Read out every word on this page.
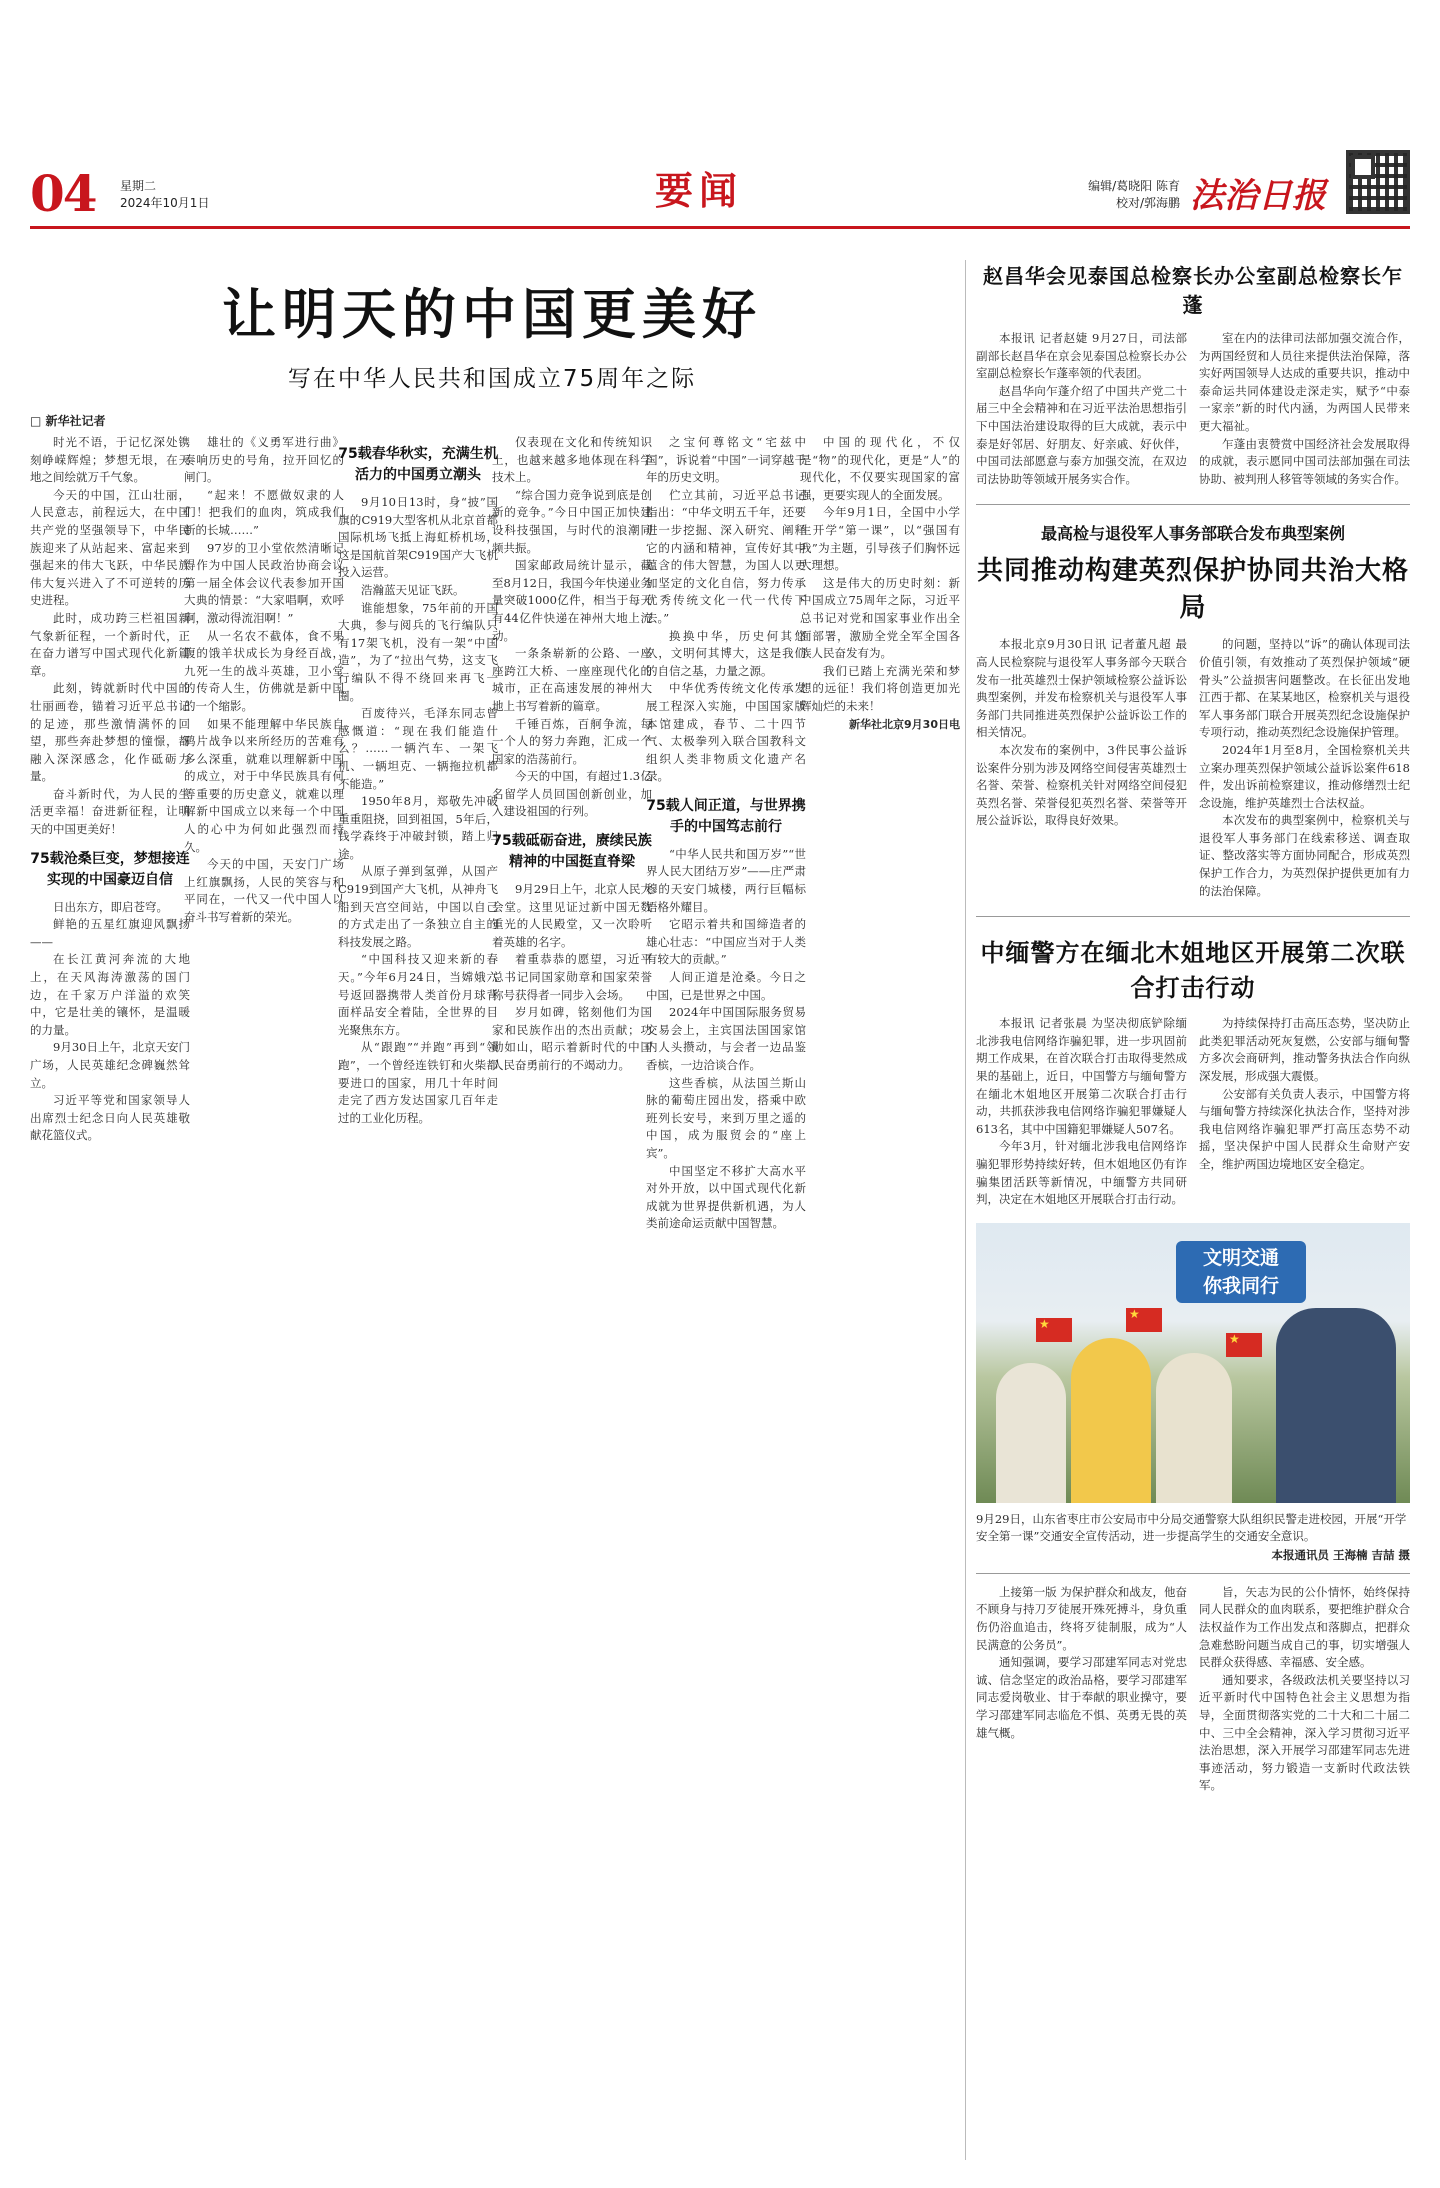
04 星期二
2024年10月1日	要闻	编辑/葛晓阳 陈育
校对/郭海鹏 法治日报
让明天的中国更美好
写在中华人民共和国成立75周年之际
□ 新华社记者

时光不语，于记忆深处镌刻峥嵘辉煌；梦想无垠，在天地之间绘就万千气象。

今天的中国，江山壮丽，人民意志，前程远大，在中国共产党的坚强领导下，中华民族迎来了从站起来、富起来到强起来的伟大飞跃，中华民族伟大复兴进入了不可逆转的历史进程。

此时，成功跨三栏祖国新气象新征程，一个新时代，正在奋力谱写中国式现代化新篇章。

此刻，铸就新时代中国的壮丽画卷，锚着习近平总书记的足迹，那些激情满怀的回望，那些奔赴梦想的憧憬，都融入深深感念，化作砥砺力量。

奋斗新时代，为人民的生活更幸福！奋进新征程，让明天的中国更美好！

75载沧桑巨变，梦想接连实现的中国豪迈自信

日出东方，即启苍穹。

鲜艳的五星红旗迎风飘扬——

在长江黄河奔流的大地上，在天风海涛激荡的国门边，在千家万户洋溢的欢笑中，它是壮美的镶怀，是温暖的力量。

9月30日上午，北京天安门广场，人民英雄纪念碑巍然耸立。

习近平等党和国家领导人出席烈士纪念日向人民英雄敬献花篮仪式。

雄壮的《义勇军进行曲》奏响历史的号角，拉开回忆的闸门。

“起来！不愿做奴隶的人们！把我们的血肉，筑成我们新的长城……”

97岁的卫小堂依然清晰记得作为中国人民政治协商会议第一届全体会议代表参加开国大典的情景：“大家唱啊，欢呼啊，激动得流泪啊！”

从一名农不截体，食不果腹的饿羊状成长为身经百战，九死一生的战斗英雄，卫小堂的传奇人生，仿佛就是新中国的一个缩影。

如果不能理解中华民族自鸦片战争以来所经历的苦难有多么深重，就难以理解新中国的成立，对于中华民族具有何等重要的历史意义，就难以理解新中国成立以来每一个中国人的心中为何如此强烈而持久。

今天的中国，天安门广场上红旗飘扬，人民的笑容与和平同在，一代又一代中国人以奋斗书写着新的荣光。

75载春华秋实，充满生机活力的中国勇立潮头

9月10日13时，身“披”国旗的C919大型客机从北京首都国际机场飞抵上海虹桥机场，这是国航首架C919国产大飞机投入运营。

浩瀚蓝天见证飞跃。

谁能想象，75年前的开国大典，参与阅兵的飞行编队只有17架飞机，没有一架“中国造”，为了“拉出气势，这支飞行编队不得不绕回来再飞一圈。

百废待兴，毛泽东同志曾感慨道：“现在我们能造什么？……一辆汽车、一架飞机、一辆坦克、一辆拖拉机都不能造。”

1950年8月，郑敬先冲破重重阻挠，回到祖国，5年后，钱学森终于冲破封锁，踏上归途。

从原子弹到氢弹，从国产C919到国产大飞机，从神舟飞船到天宫空间站，中国以自己的方式走出了一条独立自主的科技发展之路。

“中国科技又迎来新的春天。”今年6月24日，当嫦娥六号返回器携带人类首份月球背面样品安全着陆，全世界的目光聚焦东方。

从“跟跑”“并跑”再到“领跑”，一个曾经连铁钉和火柴都要进口的国家，用几十年时间走完了西方发达国家几百年走过的工业化历程。

仅表现在文化和传统知识上，也越来越多地体现在科学技术上。

“综合国力竞争说到底是创新的竞争。”今日中国正加快建设科技强国，与时代的浪潮同频共振。

国家邮政局统计显示，截至8月12日，我国今年快递业务量突破1000亿件，相当于每天有44亿件快递在神州大地上流动。

一条条崭新的公路、一座座跨江大桥、一座座现代化的城市，正在高速发展的神州大地上书写着新的篇章。

千锤百炼，百舸争流，每一个人的努力奔跑，汇成一个国家的浩荡前行。

今天的中国，有超过1.3亿名留学人员回国创新创业，加入建设祖国的行列。

75载砥砺奋进，赓续民族精神的中国挺直脊梁

9月29日上午，北京人民大会堂。这里见证过新中国无数重光的人民殿堂，又一次聆听着英雄的名字。

着重恭恭的愿望，习近平总书记同国家勋章和国家荣誉称号获得者一同步入会场。

岁月如碑，铭刻他们为国家和民族作出的杰出贡献；功勋如山，昭示着新时代的中国人民奋勇前行的不竭动力。

之宝何尊铭文“宅兹中国”，诉说着“中国”一词穿越千年的历史文明。

伫立其前，习近平总书记指出：“中华文明五千年，还要进一步挖掘、深入研究、阐释它的内涵和精神，宣传好其中蕴含的伟大智慧，为国人以更加坚定的文化自信，努力传承优秀传统文化一代一代传下去。”

换换中华，历史何其悠久，文明何其博大，这是我们的自信之基，力量之源。

中华优秀传统文化传承发展工程深入实施，中国国家版本馆建成，春节、二十四节气、太极拳列入联合国教科文组织人类非物质文化遗产名录。

75载人间正道，与世界携手的中国笃志前行

“中华人民共和国万岁”“世界人民大团结万岁”——庄严肃穆的天安门城楼，两行巨幅标语格外耀目。

它昭示着共和国缔造者的雄心壮志：“中国应当对于人类有较大的贡献。”

人间正道是沧桑。今日之中国，已是世界之中国。

2024年中国国际服务贸易交易会上，主宾国法国国家馆内人头攒动，与会者一边品鉴香槟，一边洽谈合作。

这些香槟，从法国兰斯山脉的葡萄庄园出发，搭乘中欧班列长安号，来到万里之遥的中国，成为服贸会的“座上宾”。

中国坚定不移扩大高水平对外开放，以中国式现代化新成就为世界提供新机遇，为人类前途命运贡献中国智慧。

中国的现代化，不仅是“物”的现代化，更是“人”的现代化，不仅要实现国家的富强，更要实现人的全面发展。

今年9月1日，全国中小学生开学“第一课”，以“强国有我”为主题，引导孩子们胸怀远大理想。

这是伟大的历史时刻：新中国成立75周年之际，习近平总书记对党和国家事业作出全面部署，激励全党全军全国各族人民奋发有为。

我们已踏上充满光荣和梦想的远征！我们将创造更加光辉灿烂的未来！

新华社北京9月30日电

赵昌华会见泰国总检察长办公室副总检察长乍蓬

本报讯 记者赵婕 9月27日，司法部副部长赵昌华在京会见泰国总检察长办公室副总检察长乍蓬率领的代表团。

赵昌华向乍蓬介绍了中国共产党二十届三中全会精神和在习近平法治思想指引下中国法治建设取得的巨大成就，表示中泰是好邻居、好朋友、好亲戚、好伙伴，中国司法部愿意与泰方加强交流，在双边司法协助等领域开展务实合作。

室在内的法律司法部加强交流合作，为两国经贸和人员往来提供法治保障，落实好两国领导人达成的重要共识，推动中泰命运共同体建设走深走实，赋予“中泰一家亲”新的时代内涵，为两国人民带来更大福祉。

乍蓬由衷赞赏中国经济社会发展取得的成就，表示愿同中国司法部加强在司法协助、被判刑人移管等领域的务实合作。

最高检与退役军人事务部联合发布典型案例
共同推动构建英烈保护协同共治大格局

本报北京9月30日讯 记者董凡超 最高人民检察院与退役军人事务部今天联合发布一批英雄烈士保护领域检察公益诉讼典型案例，并发布检察机关与退役军人事务部门共同推进英烈保护公益诉讼工作的相关情况。

本次发布的案例中，3件民事公益诉讼案件分别为涉及网络空间侵害英雄烈士名誉、荣誉、检察机关针对网络空间侵犯英烈名誉、荣誉侵犯英烈名誉、荣誉等开展公益诉讼，取得良好效果。

的问题，坚持以“诉”的确认体现司法价值引领，有效推动了英烈保护领域“硬骨头”公益损害问题整改。在长征出发地江西于都、在某某地区，检察机关与退役军人事务部门联合开展英烈纪念设施保护专项行动，推动英烈纪念设施保护管理。

2024年1月至8月，全国检察机关共立案办理英烈保护领域公益诉讼案件618件，发出诉前检察建议，推动修缮烈士纪念设施，维护英雄烈士合法权益。

本次发布的典型案例中，检察机关与退役军人事务部门在线索移送、调查取证、整改落实等方面协同配合，形成英烈保护工作合力，为英烈保护提供更加有力的法治保障。

中缅警方在缅北木姐地区开展第二次联合打击行动

本报讯 记者张晨 为坚决彻底铲除缅北涉我电信网络诈骗犯罪，进一步巩固前期工作成果，在首次联合打击取得斐然成果的基础上，近日，中国警方与缅甸警方在缅北木姐地区开展第二次联合打击行动，共抓获涉我电信网络诈骗犯罪嫌疑人613名，其中中国籍犯罪嫌疑人507名。

今年3月，针对缅北涉我电信网络诈骗犯罪形势持续好转，但木姐地区仍有诈骗集团活跃等新情况，中缅警方共同研判，决定在木姐地区开展联合打击行动。

为持续保持打击高压态势，坚决防止此类犯罪活动死灰复燃，公安部与缅甸警方多次会商研判，推动警务执法合作向纵深发展，形成强大震慑。

公安部有关负责人表示，中国警方将与缅甸警方持续深化执法合作，坚持对涉我电信网络诈骗犯罪严打高压态势不动摇，坚决保护中国人民群众生命财产安全，维护两国边境地区安全稳定。

★
★
★
文明交通
你我同行
9月29日，山东省枣庄市公安局市中分局交通警察大队组织民警走进校园，开展“开学安全第一课”交通安全宣传活动，进一步提高学生的交通安全意识。
本报通讯员 王海楠 吉喆 摄

上接第一版 为保护群众和战友，他奋不顾身与持刀歹徒展开殊死搏斗，身负重伤仍浴血追击，终将歹徒制服，成为“人民满意的公务员”。

通知强调，要学习邵建军同志对党忠诚、信念坚定的政治品格，要学习邵建军同志爱岗敬业、甘于奉献的职业操守，要学习邵建军同志临危不惧、英勇无畏的英雄气概。

旨，矢志为民的公仆情怀，始终保持同人民群众的血肉联系，要把维护群众合法权益作为工作出发点和落脚点，把群众急难愁盼问题当成自己的事，切实增强人民群众获得感、幸福感、安全感。

通知要求，各级政法机关要坚持以习近平新时代中国特色社会主义思想为指导，全面贯彻落实党的二十大和二十届二中、三中全会精神，深入学习贯彻习近平法治思想，深入开展学习邵建军同志先进事迹活动，努力锻造一支新时代政法铁军。
